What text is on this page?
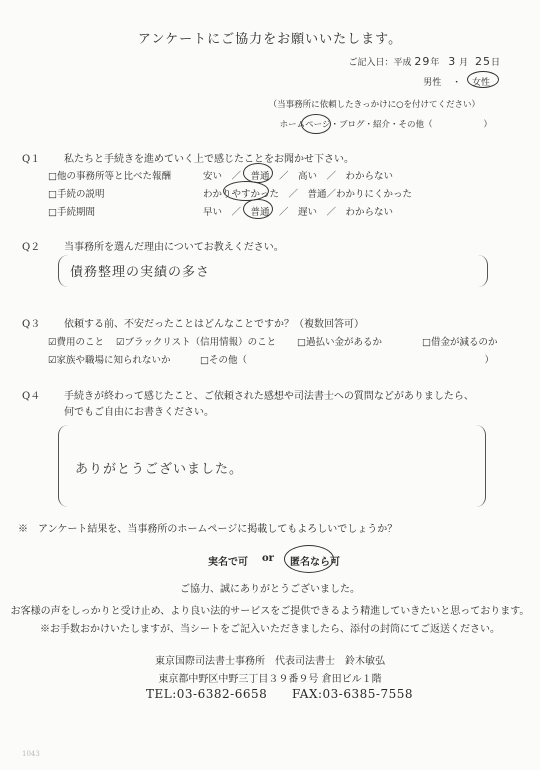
アンケートにご協力をお願いいたします。
ご記入日：平成 29年 3 月 25日
男性 ・ 女性
（当事務所に依頼したきっかけに○を付けてください）
ホームページ・ブログ・紹介・その他（　　　　　　）
Q１ 私たちと手続きを進めていく上で感じたことをお聞かせ下さい。
□他の事務所等と比べた報酬	安い　／　普通　／　高い　／　わからない
□手続の説明	わかりやすかった　／　普通／わかりにくかった
□手続期間	早い　／　普通　／　遅い　／　わからない
Q２ 当事務所を選んだ理由についてお教えください。
債務整理の実績の多さ
Q３ 依頼する前、不安だったことはどんなことですか？（複数回答可）
☑費用のこと ☑ブラックリスト（信用情報）のこと □過払い金があるか	□借金が減るのか
☑家族や職場に知られないか	□その他（　　　　　　　　　　　　　　　　　　　　　　　　　）
Q４ 手続きが終わって感じたこと、ご依頼された感想や司法書士への質問などがありましたら、
何でもご自由にお書きください。
ありがとうございました。
※　アンケート結果を、当事務所のホームページに掲載してもよろしいでしょうか？
実名で可 or 匿名なら可
ご協力、誠にありがとうございました。
お客様の声をしっかりと受け止め、より良い法的サービスをご提供できるよう精進していきたいと思っております。
※お手数おかけいたしますが、当シートをご記入いただきましたら、添付の封筒にてご返送ください。
東京国際司法書士事務所　代表司法書士　鈴木敏弘
東京都中野区中野三丁目３９番９号 倉田ビル１階
TEL:03-6382-6658 FAX:03-6385-7558
1043
